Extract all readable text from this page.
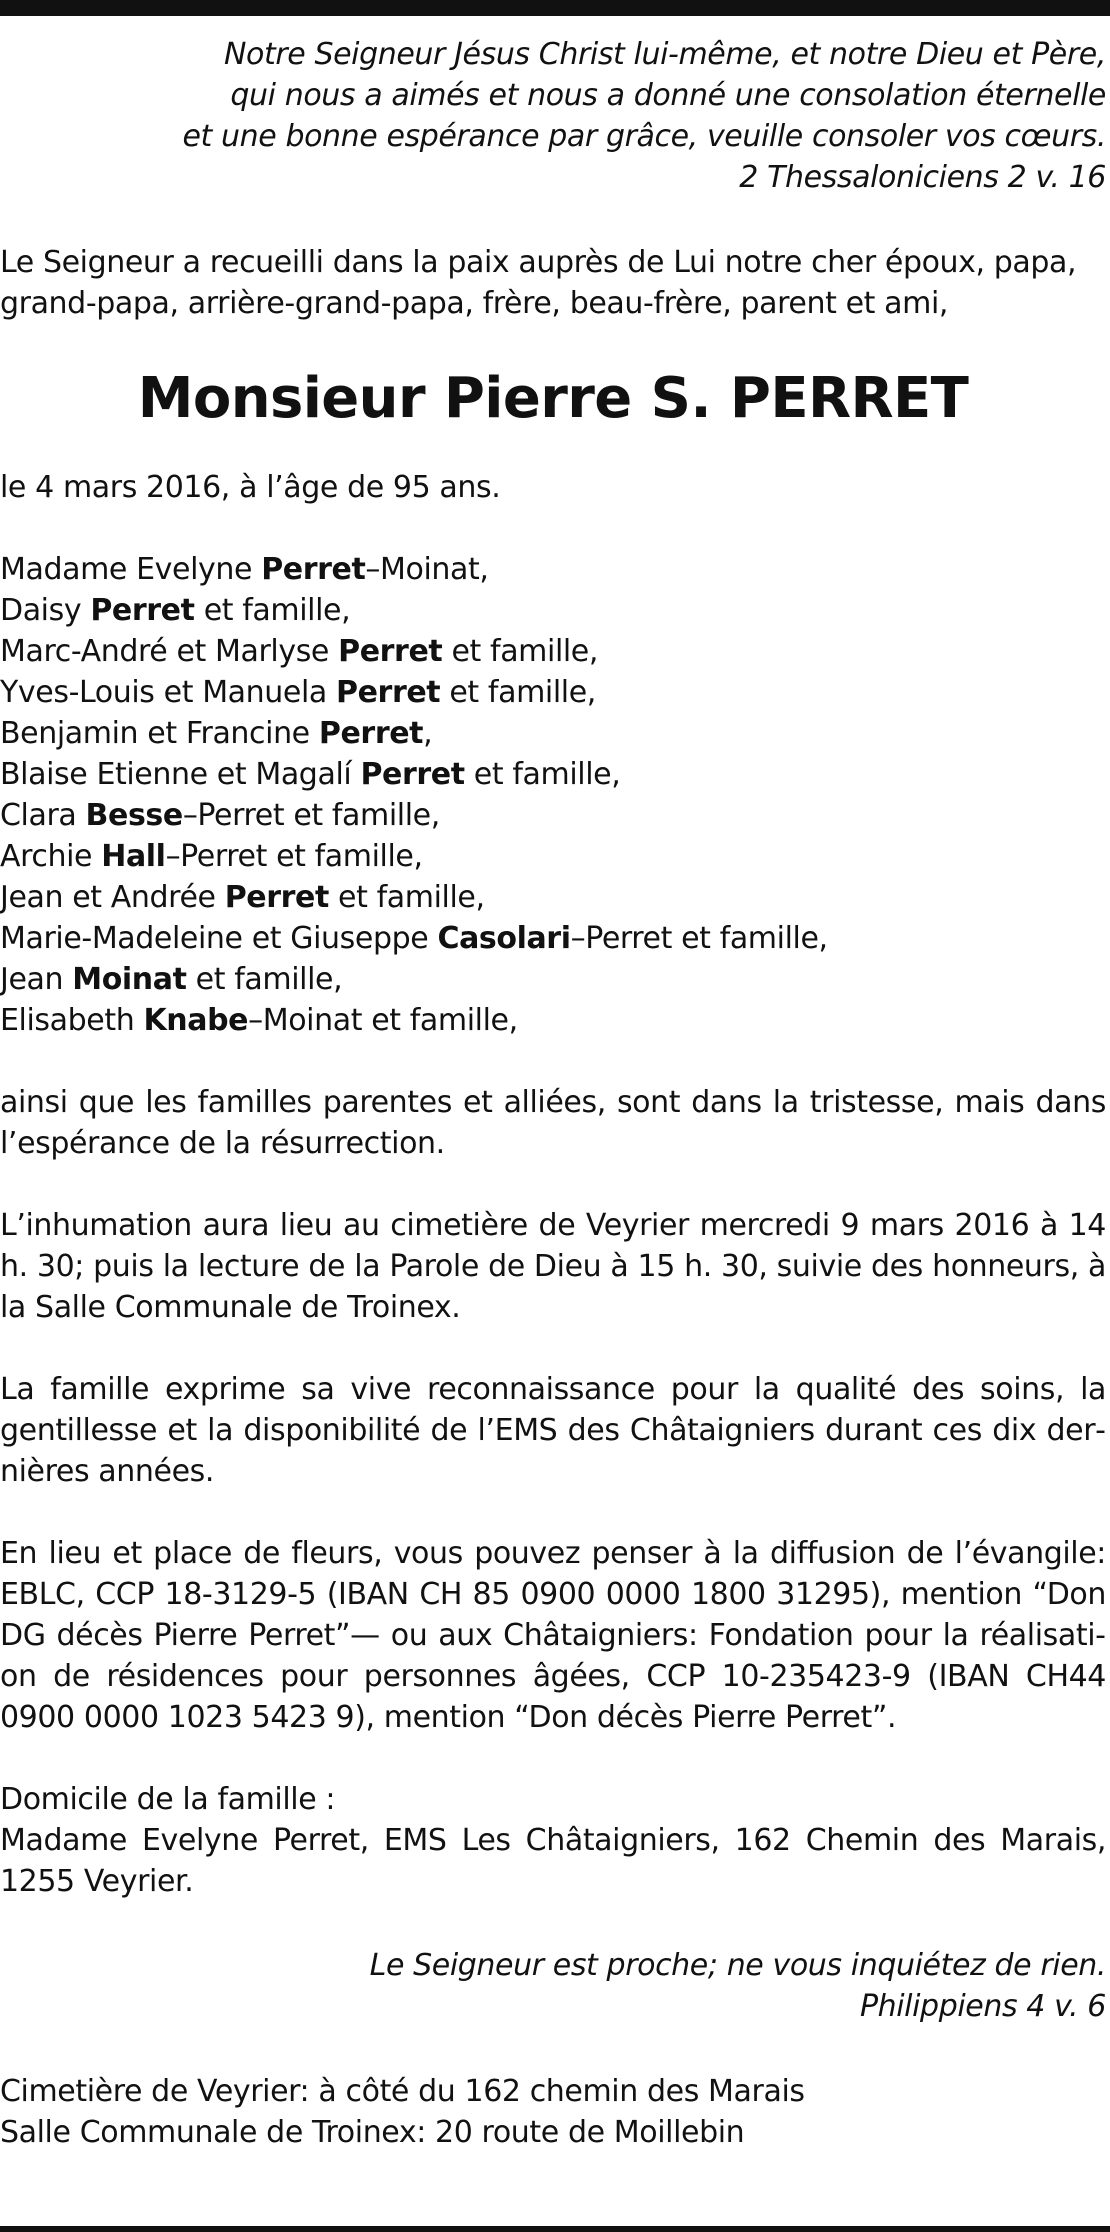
Notre Seigneur Jésus Christ lui-même, et notre Dieu et Père,
qui nous a aimés et nous a donné une consolation éternelle
et une bonne espérance par grâce, veuille consoler vos cœurs.
2 Thessaloniciens 2 v. 16
Le Seigneur a recueilli dans la paix auprès de Lui notre cher époux, papa,
grand-papa, arrière-grand-papa, frère, beau-frère, parent et ami,
Monsieur Pierre S. PERRET
le 4 mars 2016, à l’âge de 95 ans.
Madame Evelyne Perret–Moinat,
Daisy Perret et famille,
Marc-André et Marlyse Perret et famille,
Yves-Louis et Manuela Perret et famille,
Benjamin et Francine Perret,
Blaise Etienne et Magalí Perret et famille,
Clara Besse–Perret et famille,
Archie Hall–Perret et famille,
Jean et Andrée Perret et famille,
Marie-Madeleine et Giuseppe Casolari–Perret et famille,
Jean Moinat et famille,
Elisabeth Knabe–Moinat et famille,
ainsi que les familles parentes et alliées, sont dans la tristesse, mais dans l’espérance de la résurrection.
L’inhumation aura lieu au cimetière de Veyrier mercredi 9 mars 2016 à 14 h. 30; puis la lecture de la Parole de Dieu à 15 h. 30, suivie des honneurs, à la Salle Communale de Troinex.
La famille exprime sa vive reconnaissance pour la qualité des soins, la gentillesse et la disponibilité de l’EMS des Châtaigniers durant ces dix dernières années.
En lieu et place de fleurs, vous pouvez penser à la diffusion de l’évangile: EBLC, CCP 18-3129-5 (IBAN CH 85 0900 0000 1800 31295), mention “Don DG décès Pierre Perret”— ou aux Châtaigniers: Fondation pour la réalisation de résidences pour personnes âgées, CCP 10-235423-9 (IBAN CH44 0900 0000 1023 5423 9), mention “Don décès Pierre Perret”.
Domicile de la famille :
Madame Evelyne Perret, EMS Les Châtaigniers, 162 Chemin des Marais, 1255 Veyrier.
Le Seigneur est proche; ne vous inquiétez de rien.
Philippiens 4 v. 6
Cimetière de Veyrier: à côté du 162 chemin des Marais
Salle Communale de Troinex: 20 route de Moillebin
